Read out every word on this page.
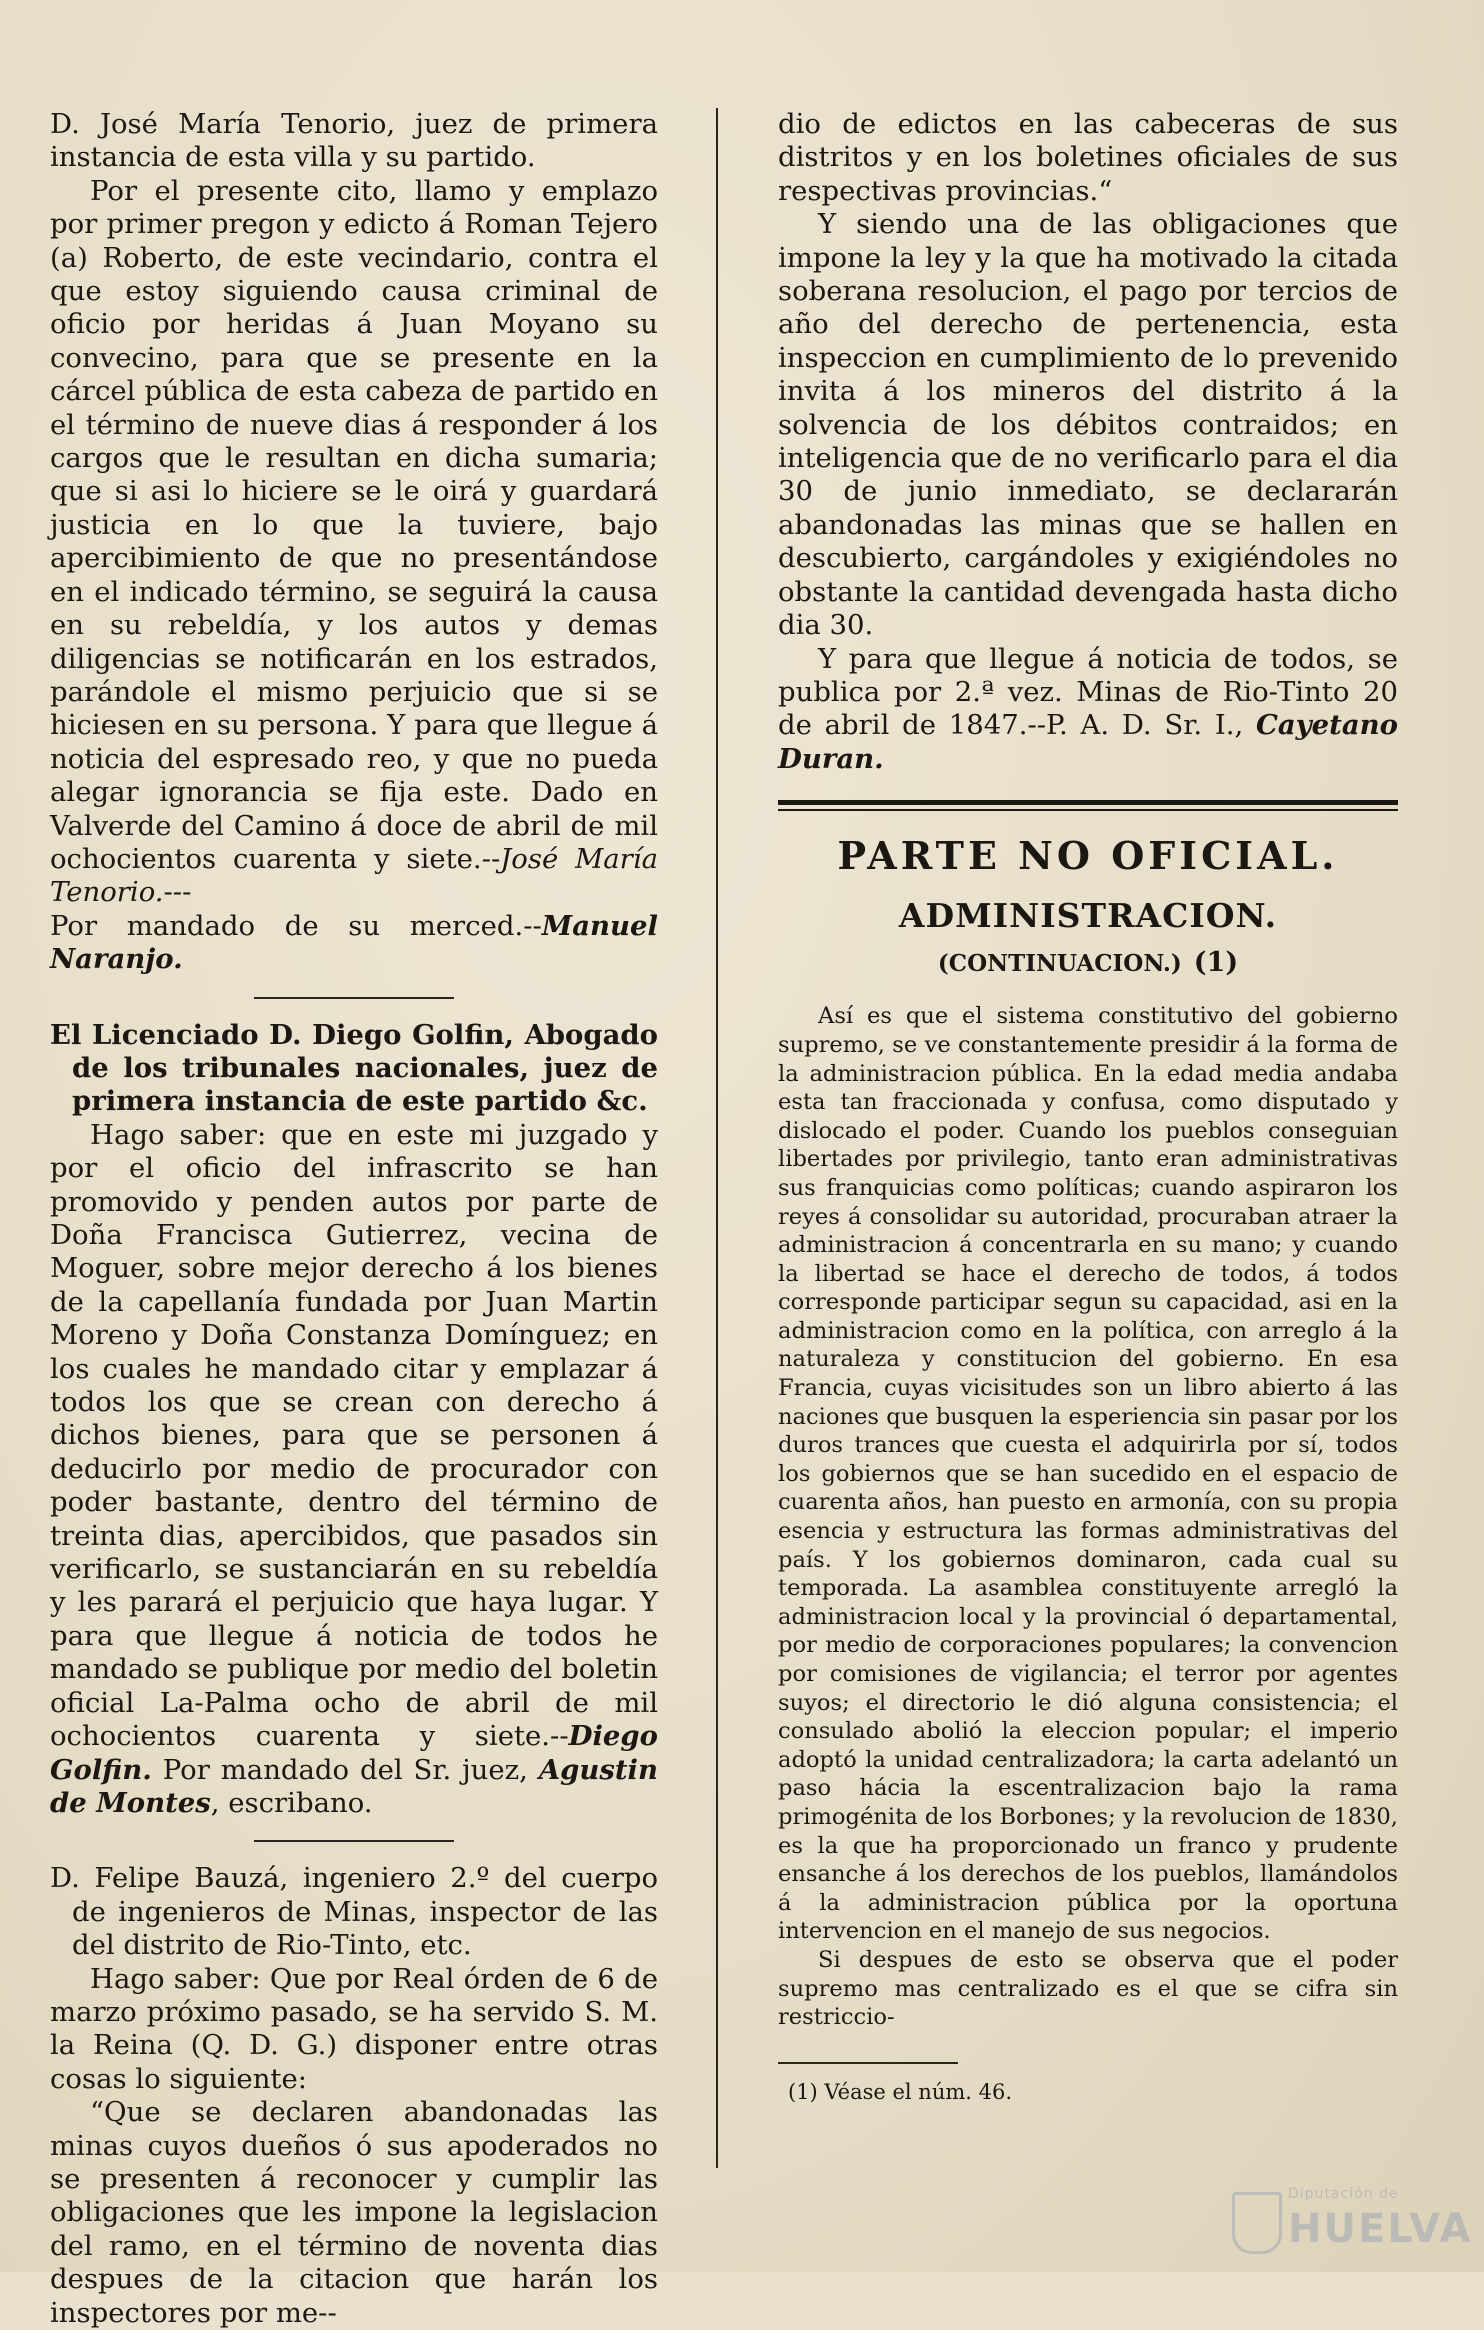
D. José María Tenorio, juez de primera instancia de esta villa y su partido.

Por el presente cito, llamo y emplazo por primer pregon y edicto á Roman Tejero (a) Roberto, de este vecindario, contra el que estoy siguiendo causa criminal de oficio por heridas á Juan Moyano su convecino, para que se presente en la cárcel pública de esta cabeza de partido en el término de nueve dias á responder á los cargos que le resultan en dicha sumaria; que si asi lo hiciere se le oirá y guardará justicia en lo que la tuviere, bajo apercibimiento de que no presentándose en el indicado término, se seguirá la causa en su rebeldía, y los autos y demas diligencias se notificarán en los estrados, parándole el mismo perjuicio que si se hiciesen en su persona. Y para que llegue á noticia del espresado reo, y que no pueda alegar ignorancia se fija este. Dado en Valverde del Camino á doce de abril de mil ochocientos cuarenta y siete.--José María Tenorio.---
Por mandado de su merced.--Manuel Naranjo.

El Licenciado D. Diego Golfin, Abogado de los tribunales nacionales, juez de primera instancia de este partido &c.

Hago saber: que en este mi juzgado y por el oficio del infrascrito se han promovido y penden autos por parte de Doña Francisca Gutierrez, vecina de Moguer, sobre mejor derecho á los bienes de la capellanía fundada por Juan Martin Moreno y Doña Constanza Domínguez; en los cuales he mandado citar y emplazar á todos los que se crean con derecho á dichos bienes, para que se personen á deducirlo por medio de procurador con poder bastante, dentro del término de treinta dias, apercibidos, que pasados sin verificarlo, se sustanciarán en su rebeldía y les parará el perjuicio que haya lugar. Y para que llegue á noticia de todos he mandado se publique por medio del boletin oficial La-Palma ocho de abril de mil ochocientos cuarenta y siete.--Diego Golfin. Por mandado del Sr. juez, Agustin de Montes, escribano.

D. Felipe Bauzá, ingeniero 2.º del cuerpo de ingenieros de Minas, inspector de las del distrito de Rio-Tinto, etc.

Hago saber: Que por Real órden de 6 de marzo próximo pasado, se ha servido S. M. la Reina (Q. D. G.) disponer entre otras cosas lo siguiente:

“Que se declaren abandonadas las minas cuyos dueños ó sus apoderados no se presenten á reconocer y cumplir las obligaciones que les impone la legislacion del ramo, en el término de noventa dias despues de la citacion que harán los inspectores por me--

dio de edictos en las cabeceras de sus distritos y en los boletines oficiales de sus respectivas provincias.“

Y siendo una de las obligaciones que impone la ley y la que ha motivado la citada soberana resolucion, el pago por tercios de año del derecho de pertenencia, esta inspeccion en cumplimiento de lo prevenido invita á los mineros del distrito á la solvencia de los débitos contraidos; en inteligencia que de no verificarlo para el dia 30 de junio inmediato, se declararán abandonadas las minas que se hallen en descubierto, cargándoles y exigiéndoles no obstante la cantidad devengada hasta dicho dia 30.

Y para que llegue á noticia de todos, se publica por 2.ª vez. Minas de Rio-Tinto 20 de abril de 1847.--P. A. D. Sr. I., Cayetano Duran.

PARTE NO OFICIAL.
ADMINISTRACION.
(CONTINUACION.) (1)

Así es que el sistema constitutivo del gobierno supremo, se ve constantemente presidir á la forma de la administracion pública. En la edad media andaba esta tan fraccionada y confusa, como disputado y dislocado el poder. Cuando los pueblos conseguian libertades por privilegio, tanto eran administrativas sus franquicias como políticas; cuando aspiraron los reyes á consolidar su autoridad, procuraban atraer la administracion á concentrarla en su mano; y cuando la libertad se hace el derecho de todos, á todos corresponde participar segun su capacidad, asi en la administracion como en la política, con arreglo á la naturaleza y constitucion del gobierno. En esa Francia, cuyas vicisitudes son un libro abierto á las naciones que busquen la esperiencia sin pasar por los duros trances que cuesta el adquirirla por sí, todos los gobiernos que se han sucedido en el espacio de cuarenta años, han puesto en armonía, con su propia esencia y estructura las formas administrativas del país. Y los gobiernos dominaron, cada cual su temporada. La asamblea constituyente arregló la administracion local y la provincial ó departamental, por medio de corporaciones populares; la convencion por comisiones de vigilancia; el terror por agentes suyos; el directorio le dió alguna consistencia; el consulado abolió la eleccion popular; el imperio adoptó la unidad centralizadora; la carta adelantó un paso hácia la escentralizacion bajo la rama primogénita de los Borbones; y la revolucion de 1830, es la que ha proporcionado un franco y prudente ensanche á los derechos de los pueblos, llamándolos á la administracion pública por la oportuna intervencion en el manejo de sus negocios.

Si despues de esto se observa que el poder supremo mas centralizado es el que se cifra sin restriccio-

(1) Véase el núm. 46.
Diputación de
HUELVA
